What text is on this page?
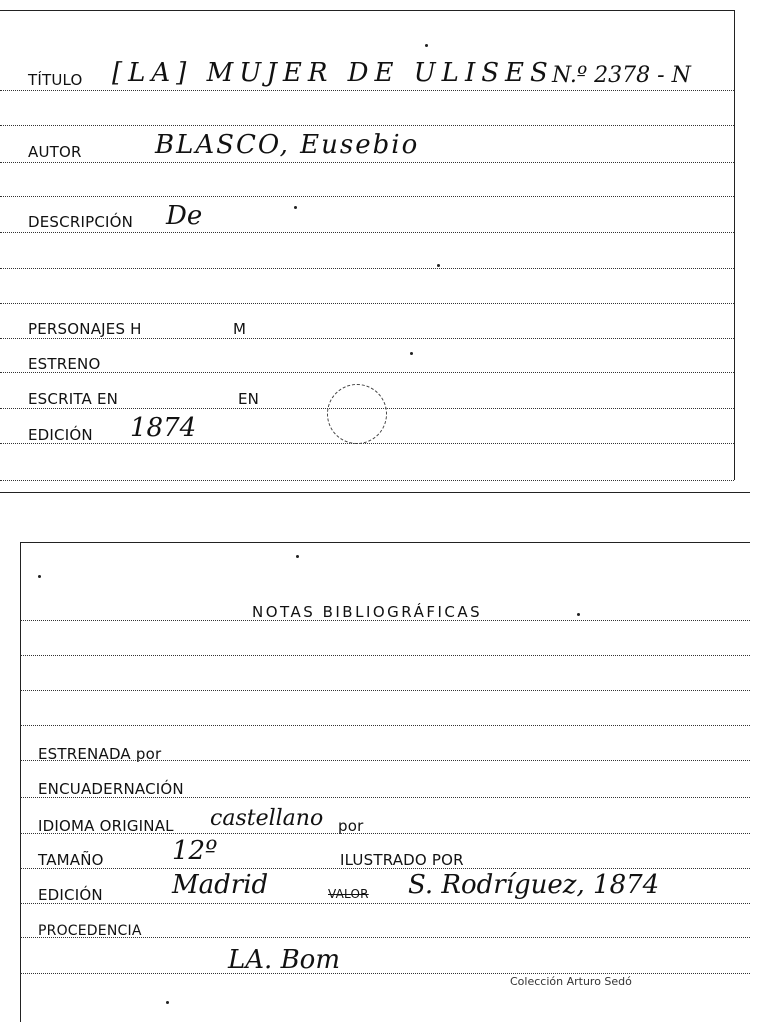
TÍTULO [LA] MUJER DE ULISES
N.º 2378 - N
AUTOR	BLASCO, Eusebio
DESCRIPCIÓN De
PERSONAJES H	M
ESTRENO
ESCRITA EN	EN
EDICIÓN 1874
NOTAS BIBLIOGRÁFICAS
ESTRENADA por
ENCUADERNACIÓN
IDIOMA ORIGINAL castellano por
TAMAÑO	12º	ILUSTRADO POR
EDICIÓN	Madrid	VALOR S. Rodríguez, 1874
PROCEDENCIA
LA. Bom
Colección Arturo Sedó
